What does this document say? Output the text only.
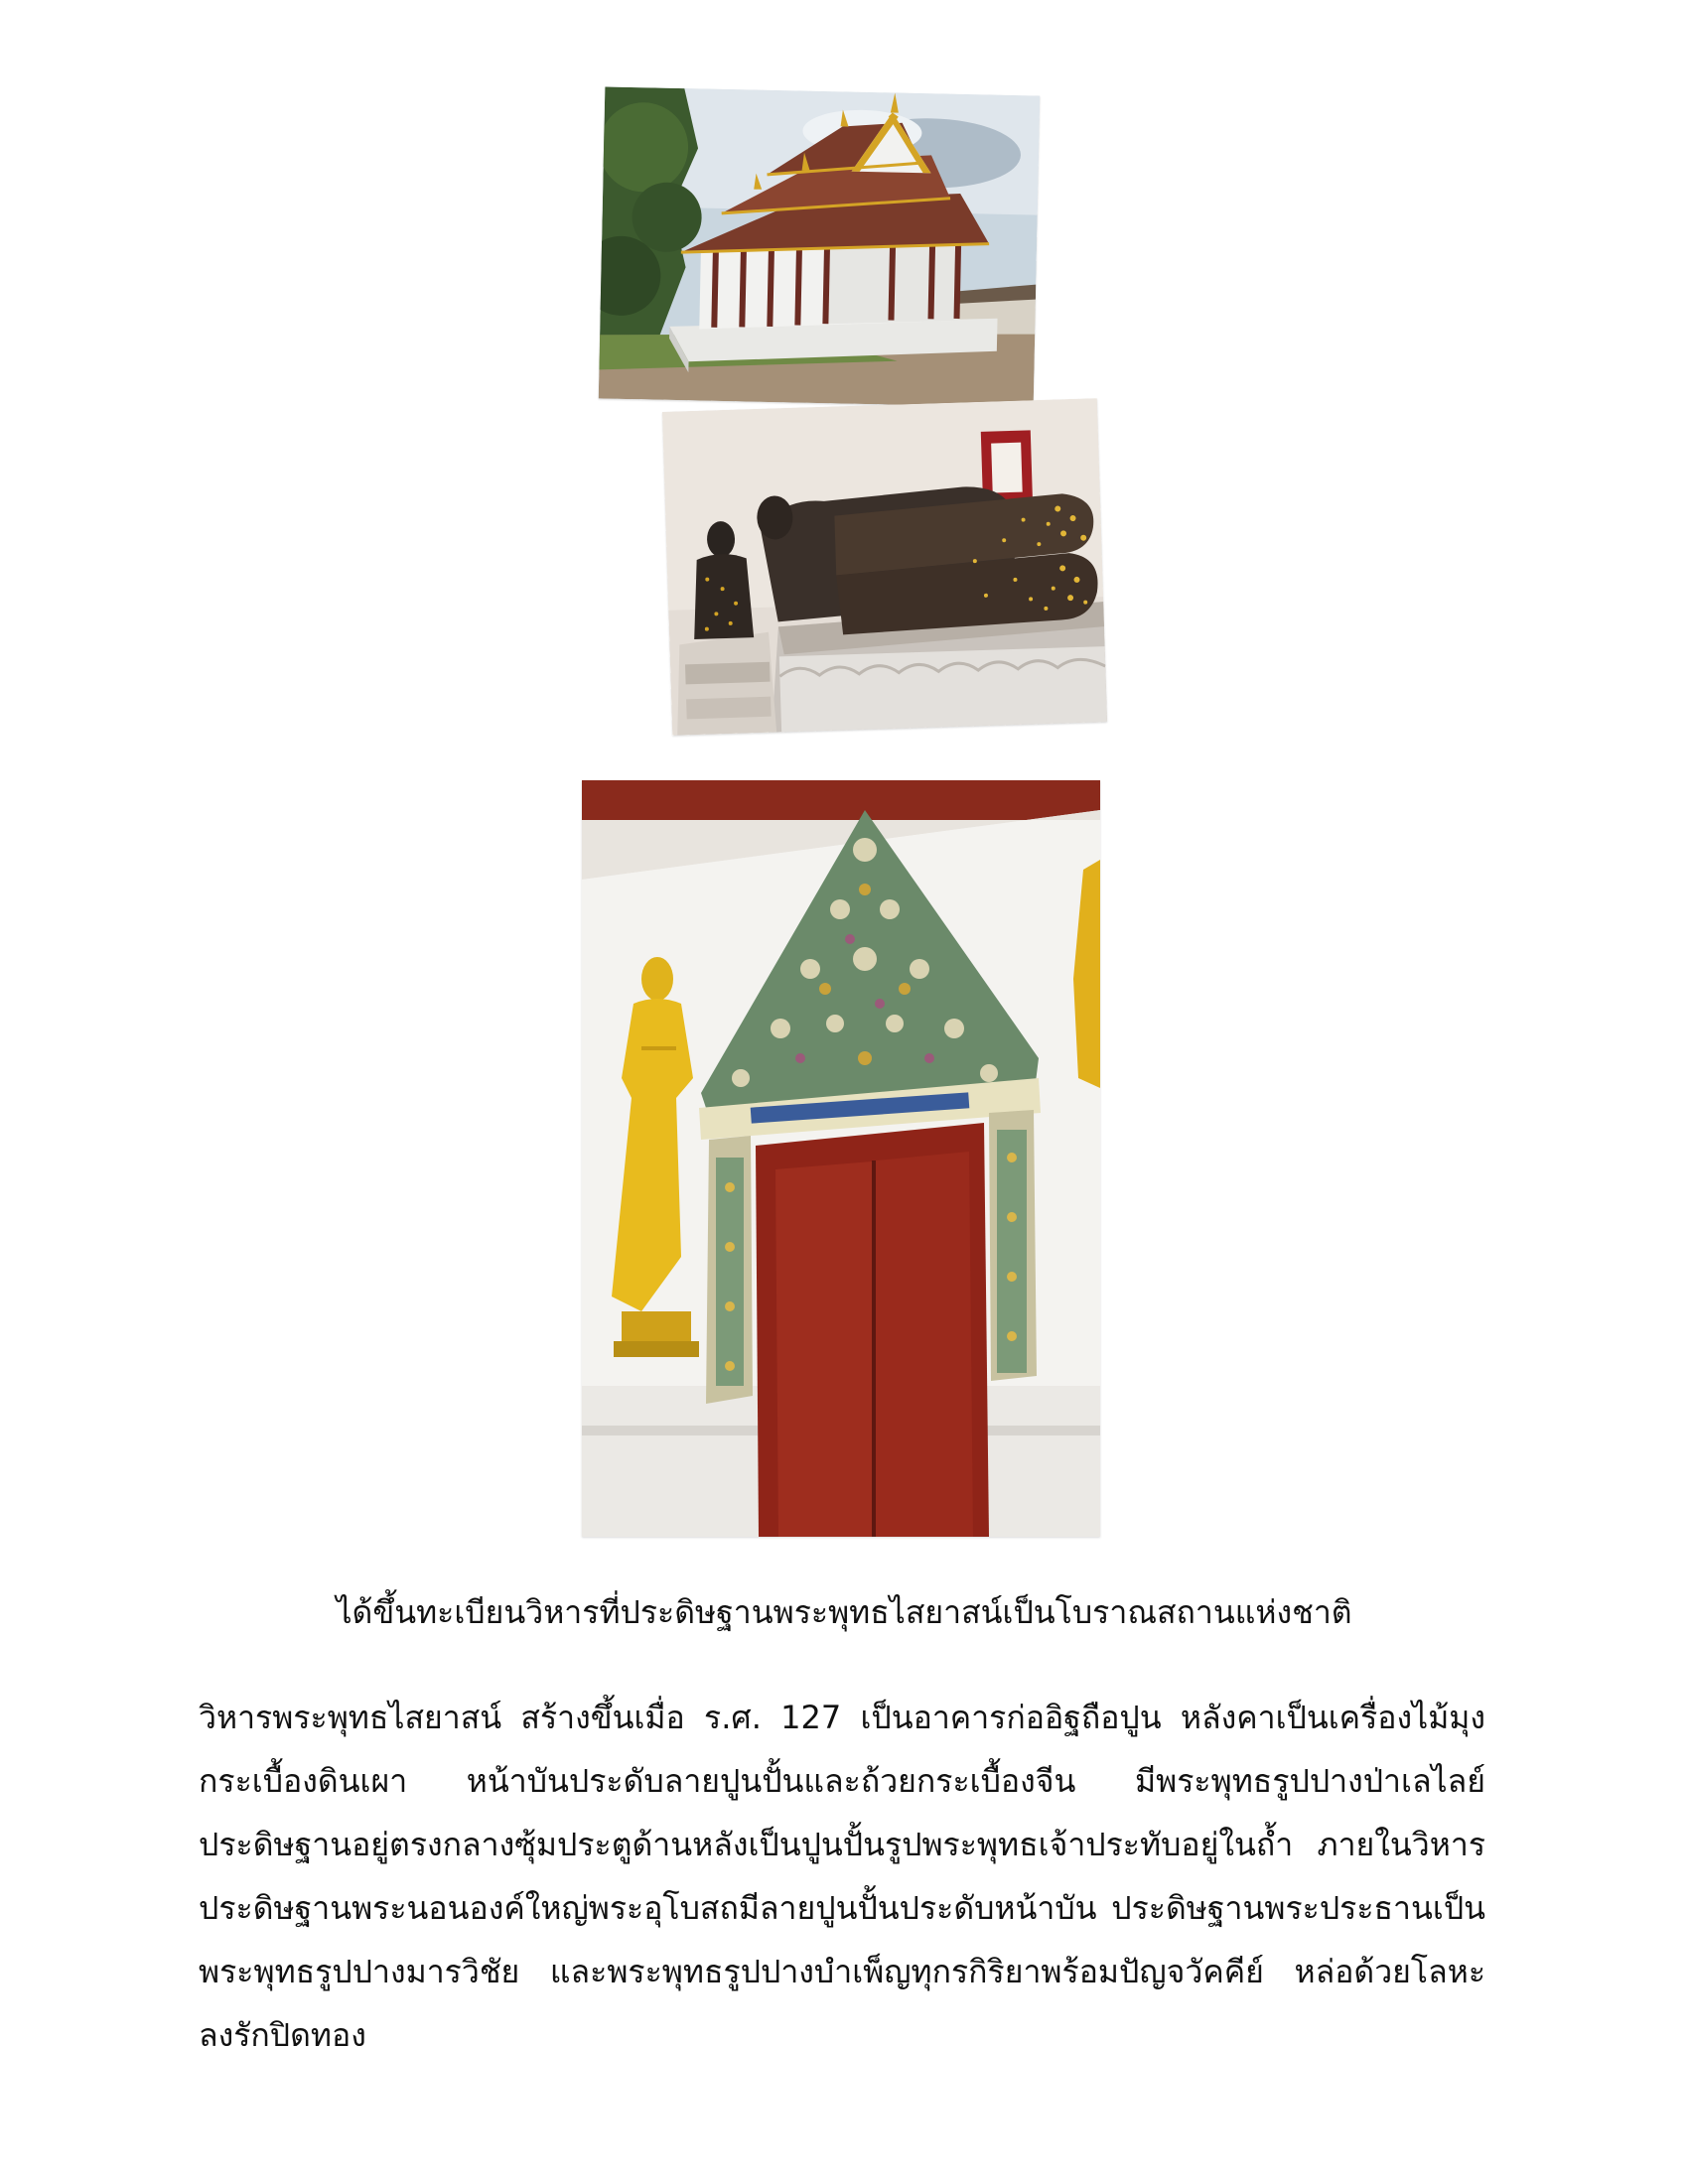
ได้ขึ้นทะเบียนวิหารที่ประดิษฐานพระพุทธไสยาสน์เป็นโบราณสถานแห่งชาติ
วิหารพระพุทธไสยาสน์ สร้างขึ้นเมื่อ ร.ศ. 127 เป็นอาคารก่ออิฐถือปูน หลังคาเป็นเครื่องไม้มุงกระเบื้องดินเผา หน้าบันประดับลายปูนปั้นและถ้วยกระเบื้องจีน มีพระพุทธรูปปางป่าเลไลย์ประดิษฐานอยู่ตรงกลางซุ้มประตูด้านหลังเป็นปูนปั้นรูปพระพุทธเจ้าประทับอยู่ในถ้ำ ภายในวิหารประดิษฐานพระนอนองค์ใหญ่พระอุโบสถมีลายปูนปั้นประดับหน้าบัน ประดิษฐานพระประธานเป็นพระพุทธรูปปางมารวิชัย และพระพุทธรูปปางบำเพ็ญทุกรกิริยาพร้อมปัญจวัคคีย์ หล่อด้วยโลหะลงรักปิดทอง
